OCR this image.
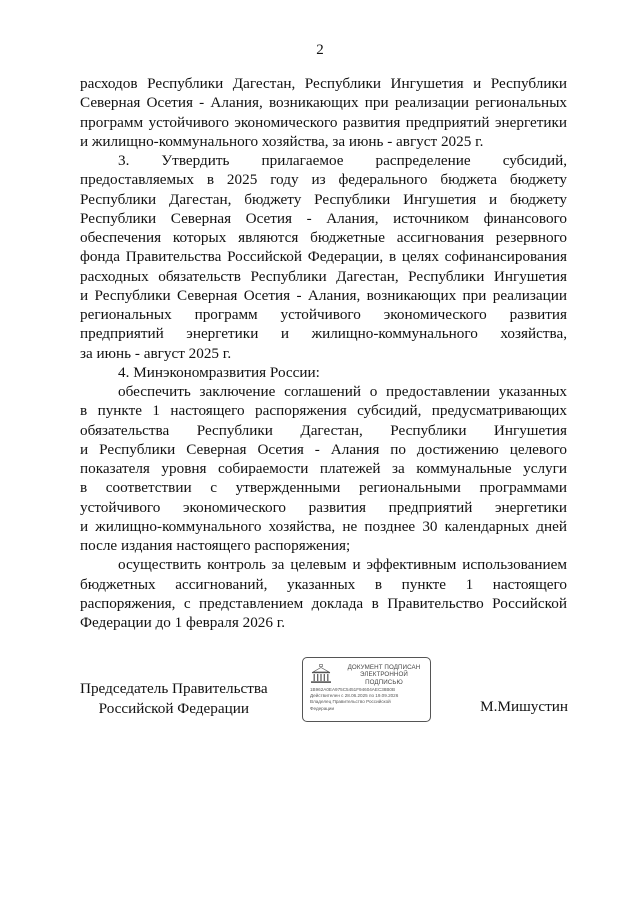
2
расходов Республики Дагестан, Республики Ингушетия и Республики
Северная Осетия - Алания, возникающих при реализации региональных
программ устойчивого экономического развития предприятий энергетики
и жилищно-коммунального хозяйства, за июнь - август 2025 г.
3. Утвердить прилагаемое распределение субсидий,
предоставляемых в 2025 году из федерального бюджета бюджету
Республики Дагестан, бюджету Республики Ингушетия и бюджету
Республики Северная Осетия - Алания, источником финансового
обеспечения которых являются бюджетные ассигнования резервного
фонда Правительства Российской Федерации, в целях софинансирования
расходных обязательств Республики Дагестан, Республики Ингушетия
и Республики Северная Осетия - Алания, возникающих при реализации
региональных программ устойчивого экономического развития
предприятий энергетики и жилищно-коммунального хозяйства,
за июнь - август 2025 г.
4. Минэкономразвития России:
обеспечить заключение соглашений о предоставлении указанных
в пункте 1 настоящего распоряжения субсидий, предусматривающих
обязательства Республики Дагестан, Республики Ингушетия
и Республики Северная Осетия - Алания по достижению целевого
показателя уровня собираемости платежей за коммунальные услуги
в соответствии с утвержденными региональными программами
устойчивого экономического развития предприятий энергетики
и жилищно-коммунального хозяйства, не позднее 30 календарных дней
после издания настоящего распоряжения;
осуществить контроль за целевым и эффективным использованием
бюджетных ассигнований, указанных в пункте 1 настоящего
распоряжения, с представлением доклада в Правительство Российской
Федерации до 1 февраля 2026 г.
Председатель Правительства
Российской Федерации
ДОКУМЕНТ ПОДПИСАН
ЭЛЕКТРОННОЙ ПОДПИСЬЮ
1B962A0EA975C5451F94604AEC38B0B
Действителен с 28.06.2025 по 19.09.2026
Владелец Правительство Российской
Федерации	М.Мишустин
